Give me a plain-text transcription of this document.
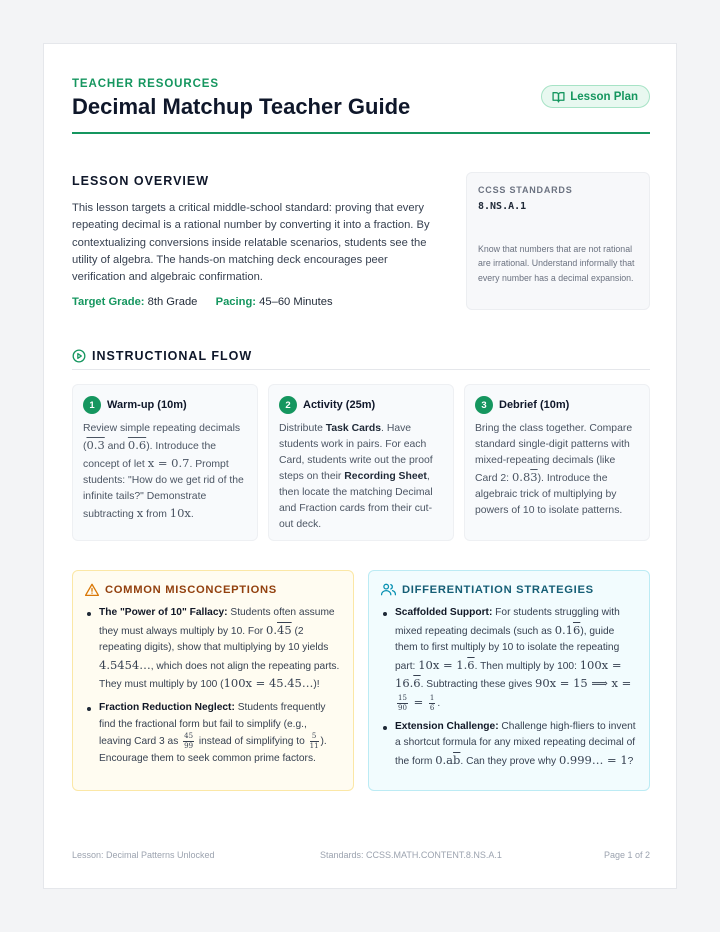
TEACHER RESOURCES
Decimal Matchup Teacher Guide	Lesson Plan
LESSON OVERVIEW
This lesson targets a critical middle-school standard: proving that every repeating decimal is a rational number by converting it into a fraction. By contextualizing conversions inside relatable scenarios, students see the utility of algebra. The hands-on matching deck encourages peer verification and algebraic confirmation.
Target Grade: 8th Grade Pacing: 45–60 Minutes
CCSS STANDARDS
8.NS.A.1
Know that numbers that are not rational are irrational. Understand informally that every number has a decimal expansion.
INSTRUCTIONAL FLOW
1	Warm-up (10m)
Review simple repeating decimals (0.3 and 0.6). Introduce the concept of let x = 0.7. Prompt students: "How do we get rid of the infinite tails?" Demonstrate subtracting x from 10x.
2	Activity (25m)
Distribute Task Cards. Have students work in pairs. For each Card, students write out the proof steps on their Recording Sheet, then locate the matching Decimal and Fraction cards from their cut-out deck.
3	Debrief (10m)
Bring the class together. Compare standard single-digit patterns with mixed-repeating decimals (like Card 2: 0.83). Introduce the algebraic trick of multiplying by powers of 10 to isolate patterns.
COMMON MISCONCEPTIONS
The "Power of 10" Fallacy: Students often assume they must always multiply by 10. For 0.45 (2 repeating digits), show that multiplying by 10 yields 4.5454…, which does not align the repeating parts. They must multiply by 100 (100x = 45.45…)!
Fraction Reduction Neglect: Students frequently find the fractional form but fail to simplify (e.g., leaving Card 3 as $\frac{45}{99}$ instead of simplifying to $\frac{5}{11}$ ). Encourage them to seek common prime factors.
DIFFERENTIATION STRATEGIES
Scaffolded Support: For students struggling with mixed repeating decimals (such as 0.16), guide them to first multiply by 10 to isolate the repeating part: 10x = 1.6. Then multiply by 100: 100x = 16.6. Subtracting these gives 90x = 15 ⟹ x =
$\frac{15}{90} = \frac{1}{6}$ .
Extension Challenge: Challenge high-fliers to invent a shortcut formula for any mixed repeating decimal of the form $0.a\overline{b}$. Can they prove why 0.999… = 1?
Lesson: Decimal Patterns Unlocked	Standards: CCSS.MATH.CONTENT.8.NS.A.1	Page 1 of 2
